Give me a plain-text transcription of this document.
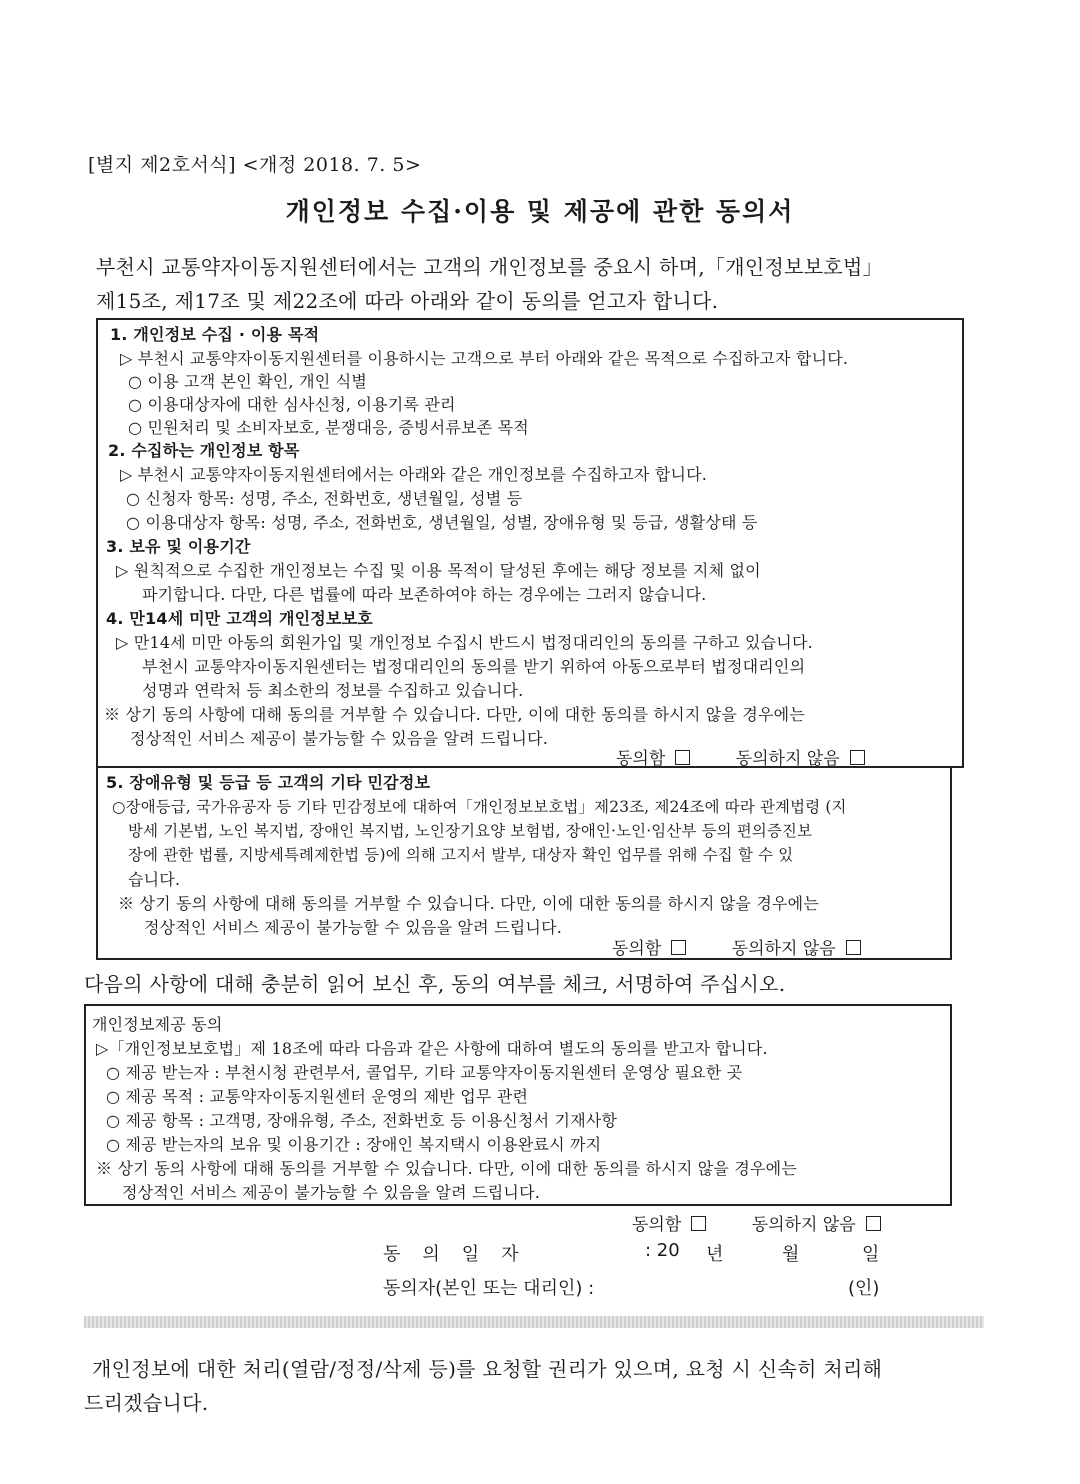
[별지 제2호서식] <개정 2018. 7. 5>
개인정보 수집·이용 및 제공에 관한 동의서
부천시 교통약자이동지원센터에서는 고객의 개인정보를 중요시 하며,「개인정보보호법」
제15조, 제17조 및 제22조에 따라 아래와 같이 동의를 얻고자 합니다.
1. 개인정보 수집 · 이용 목적
▷ 부천시 교통약자이동지원센터를 이용하시는 고객으로 부터 아래와 같은 목적으로 수집하고자 합니다.
○ 이용 고객 본인 확인, 개인 식별
○ 이용대상자에 대한 심사신청, 이용기록 관리
○ 민원처리 및 소비자보호, 분쟁대응, 증빙서류보존 목적
2. 수집하는 개인정보 항목
▷ 부천시 교통약자이동지원센터에서는 아래와 같은 개인정보를 수집하고자 합니다.
○ 신청자 항목: 성명, 주소, 전화번호, 생년월일, 성별 등
○ 이용대상자 항목: 성명, 주소, 전화번호, 생년월일, 성별, 장애유형 및 등급, 생활상태 등
3. 보유 및 이용기간
▷ 원칙적으로 수집한 개인정보는 수집 및 이용 목적이 달성된 후에는 해당 정보를 지체 없이
파기합니다. 다만, 다른 법률에 따라 보존하여야 하는 경우에는 그러지 않습니다.
4. 만14세 미만 고객의 개인정보보호
▷ 만14세 미만 아동의 회원가입 및 개인정보 수집시 반드시 법정대리인의 동의를 구하고 있습니다.
부천시 교통약자이동지원센터는 법정대리인의 동의를 받기 위하여 아동으로부터 법정대리인의
성명과 연락처 등 최소한의 정보를 수집하고 있습니다.
※ 상기 동의 사항에 대해 동의를 거부할 수 있습니다. 다만, 이에 대한 동의를 하시지 않을 경우에는
정상적인 서비스 제공이 불가능할 수 있음을 알려 드립니다.
동의함	동의하지 않음
5. 장애유형 및 등급 등 고객의 기타 민감정보
○장애등급, 국가유공자 등 기타 민감정보에 대하여「개인정보보호법」제23조, 제24조에 따라 관계법령 (지
방세 기본법, 노인 복지법, 장애인 복지법, 노인장기요양 보험법, 장애인·노인·임산부 등의 편의증진보
장에 관한 법률, 지방세특례제한법 등)에 의해 고지서 발부, 대상자 확인 업무를 위해 수집 할 수 있
습니다.
※ 상기 동의 사항에 대해 동의를 거부할 수 있습니다. 다만, 이에 대한 동의를 하시지 않을 경우에는
정상적인 서비스 제공이 불가능할 수 있음을 알려 드립니다.
동의함	동의하지 않음
다음의 사항에 대해 충분히 읽어 보신 후, 동의 여부를 체크, 서명하여 주십시오.
개인정보제공 동의
▷「개인정보보호법」제 18조에 따라 다음과 같은 사항에 대하여 별도의 동의를 받고자 합니다.
○ 제공 받는자 : 부천시청 관련부서, 콜업무, 기타 교통약자이동지원센터 운영상 필요한 곳
○ 제공 목적 : 교통약자이동지원센터 운영의 제반 업무 관련
○ 제공 항목 : 고객명, 장애유형, 주소, 전화번호 등 이용신청서 기재사항
○ 제공 받는자의 보유 및 이용기간 : 장애인 복지택시 이용완료시 까지
※ 상기 동의 사항에 대해 동의를 거부할 수 있습니다. 다만, 이에 대한 동의를 하시지 않을 경우에는
정상적인 서비스 제공이 불가능할 수 있음을 알려 드립니다.
동의함	동의하지 않음
동의일자	: 20 년	월	일
동의자(본인 또는 대리인) :	(인)
개인정보에 대한 처리(열람/정정/삭제 등)를 요청할 권리가 있으며, 요청 시 신속히 처리해
드리겠습니다.
